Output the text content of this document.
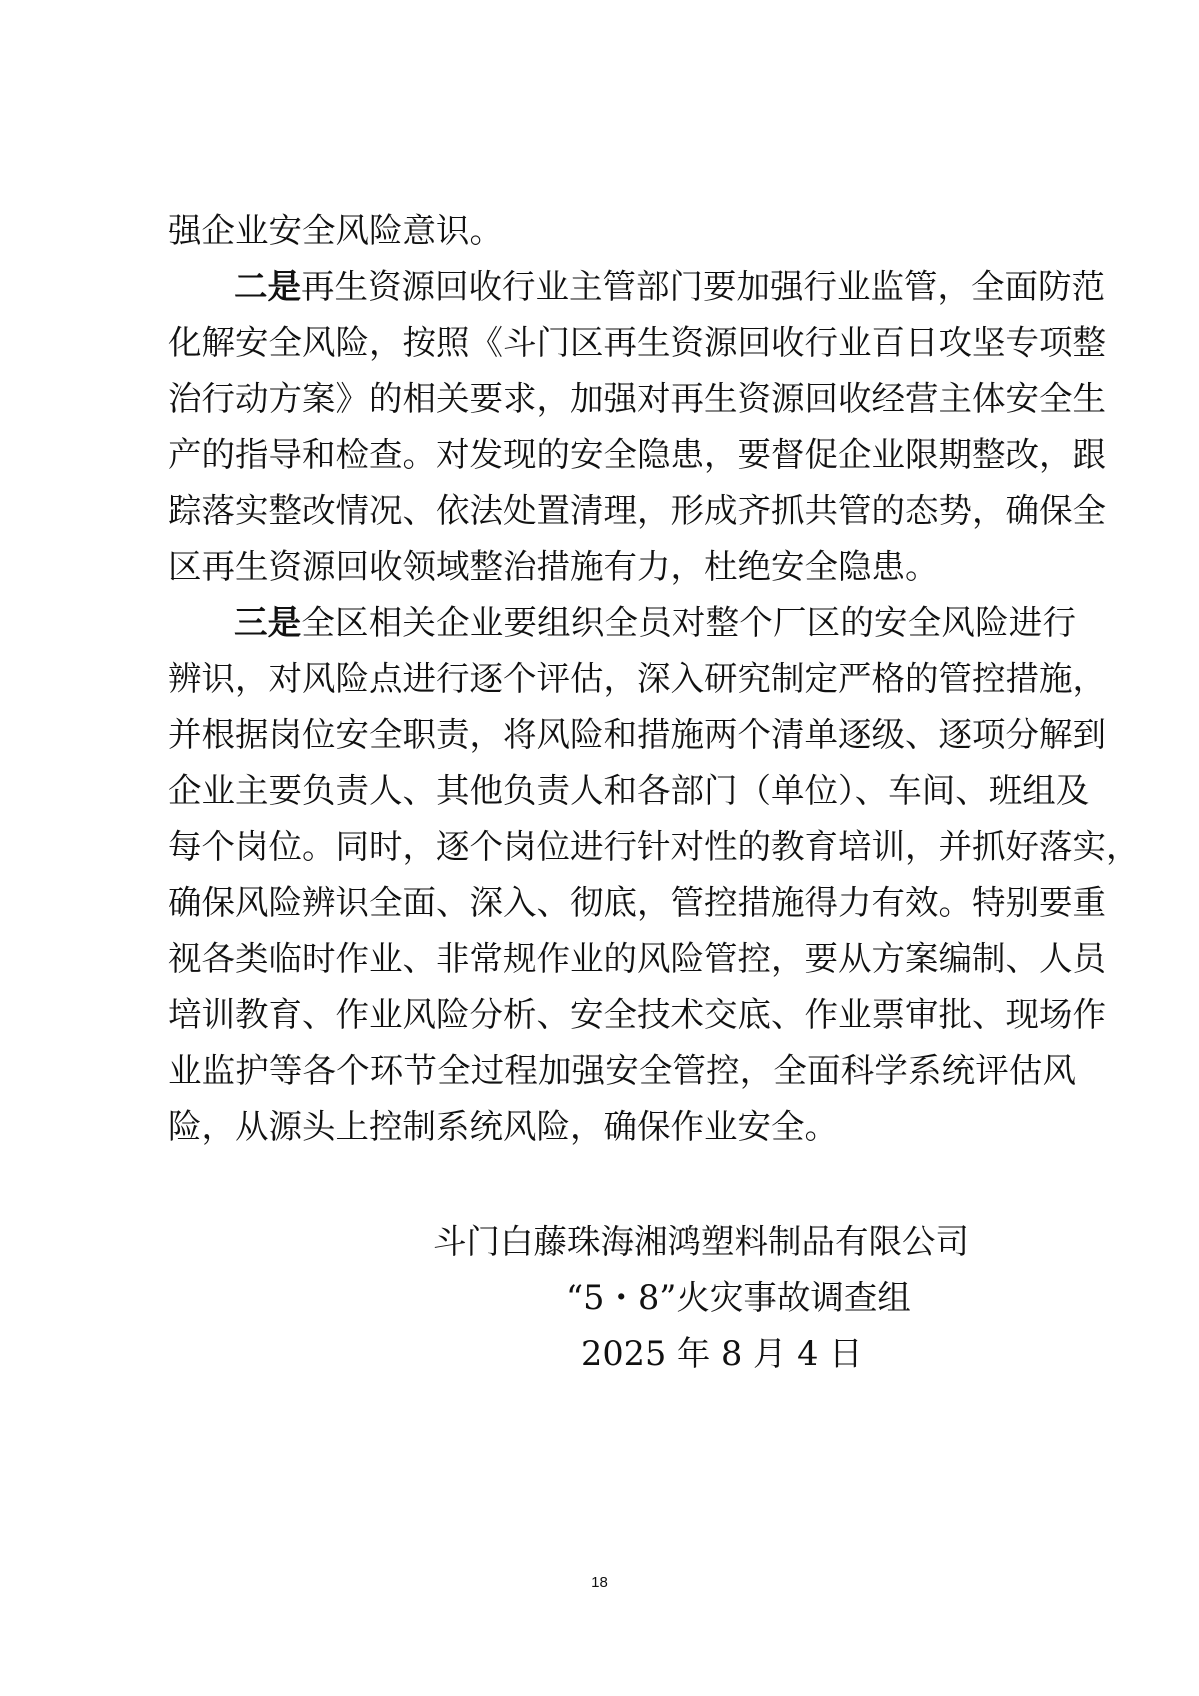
强企业安全风险意识。
二是再生资源回收行业主管部门要加强行业监管，全面防范
化解安全风险，按照《斗门区再生资源回收行业百日攻坚专项整
治行动方案》的相关要求，加强对再生资源回收经营主体安全生
产的指导和检查。对发现的安全隐患，要督促企业限期整改，跟
踪落实整改情况、依法处置清理，形成齐抓共管的态势，确保全
区再生资源回收领域整治措施有力，杜绝安全隐患。
三是全区相关企业要组织全员对整个厂区的安全风险进行
辨识，对风险点进行逐个评估，深入研究制定严格的管控措施，
并根据岗位安全职责，将风险和措施两个清单逐级、逐项分解到
企业主要负责人、其他负责人和各部门（单位）、车间、班组及
每个岗位。同时，逐个岗位进行针对性的教育培训，并抓好落实，
确保风险辨识全面、深入、彻底，管控措施得力有效。特别要重
视各类临时作业、非常规作业的风险管控，要从方案编制、人员
培训教育、作业风险分析、安全技术交底、作业票审批、现场作
业监护等各个环节全过程加强安全管控，全面科学系统评估风
险，从源头上控制系统风险，确保作业安全。
斗门白藤珠海湘鸿塑料制品有限公司
“5・8”火灾事故调查组
2025 年 8 月 4 日
18
